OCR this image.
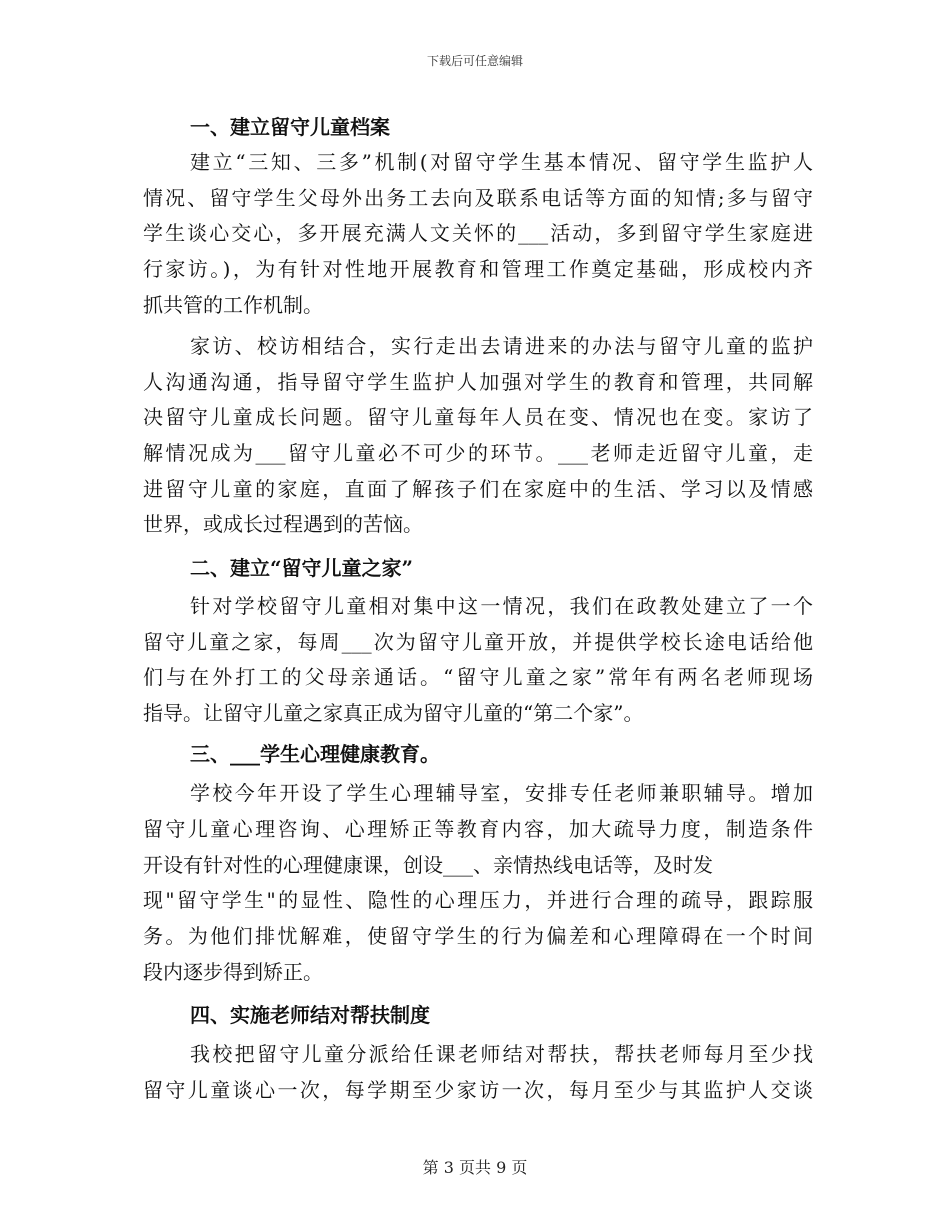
下载后可任意编辑
一、建立留守儿童档案
建立“三知、三多”机制(对留守学生基本情况、留守学生监护人
情况、留守学生父母外出务工去向及联系电话等方面的知情;多与留守
学生谈心交心，多开展充满人文关怀的___活动，多到留守学生家庭进
行家访。)，为有针对性地开展教育和管理工作奠定基础，形成校内齐
抓共管的工作机制。
家访、校访相结合，实行走出去请进来的办法与留守儿童的监护
人沟通沟通，指导留守学生监护人加强对学生的教育和管理，共同解
决留守儿童成长问题。留守儿童每年人员在变、情况也在变。家访了
解情况成为___留守儿童必不可少的环节。___老师走近留守儿童，走
进留守儿童的家庭，直面了解孩子们在家庭中的生活、学习以及情感
世界，或成长过程遇到的苦恼。
二、建立“留守儿童之家”
针对学校留守儿童相对集中这一情况，我们在政教处建立了一个
留守儿童之家，每周___次为留守儿童开放，并提供学校长途电话给他
们与在外打工的父母亲通话。“留守儿童之家”常年有两名老师现场
指导。让留守儿童之家真正成为留守儿童的“第二个家”。
三、___学生心理健康教育。
学校今年开设了学生心理辅导室，安排专任老师兼职辅导。增加
留守儿童心理咨询、心理矫正等教育内容，加大疏导力度，制造条件
开设有针对性的心理健康课，创设___、亲情热线电话等，及时发
现"留守学生"的显性、隐性的心理压力，并进行合理的疏导，跟踪服
务。为他们排忧解难，使留守学生的行为偏差和心理障碍在一个时间
段内逐步得到矫正。
四、实施老师结对帮扶制度
我校把留守儿童分派给任课老师结对帮扶，帮扶老师每月至少找
留守儿童谈心一次，每学期至少家访一次，每月至少与其监护人交谈
第 3 页共 9 页
